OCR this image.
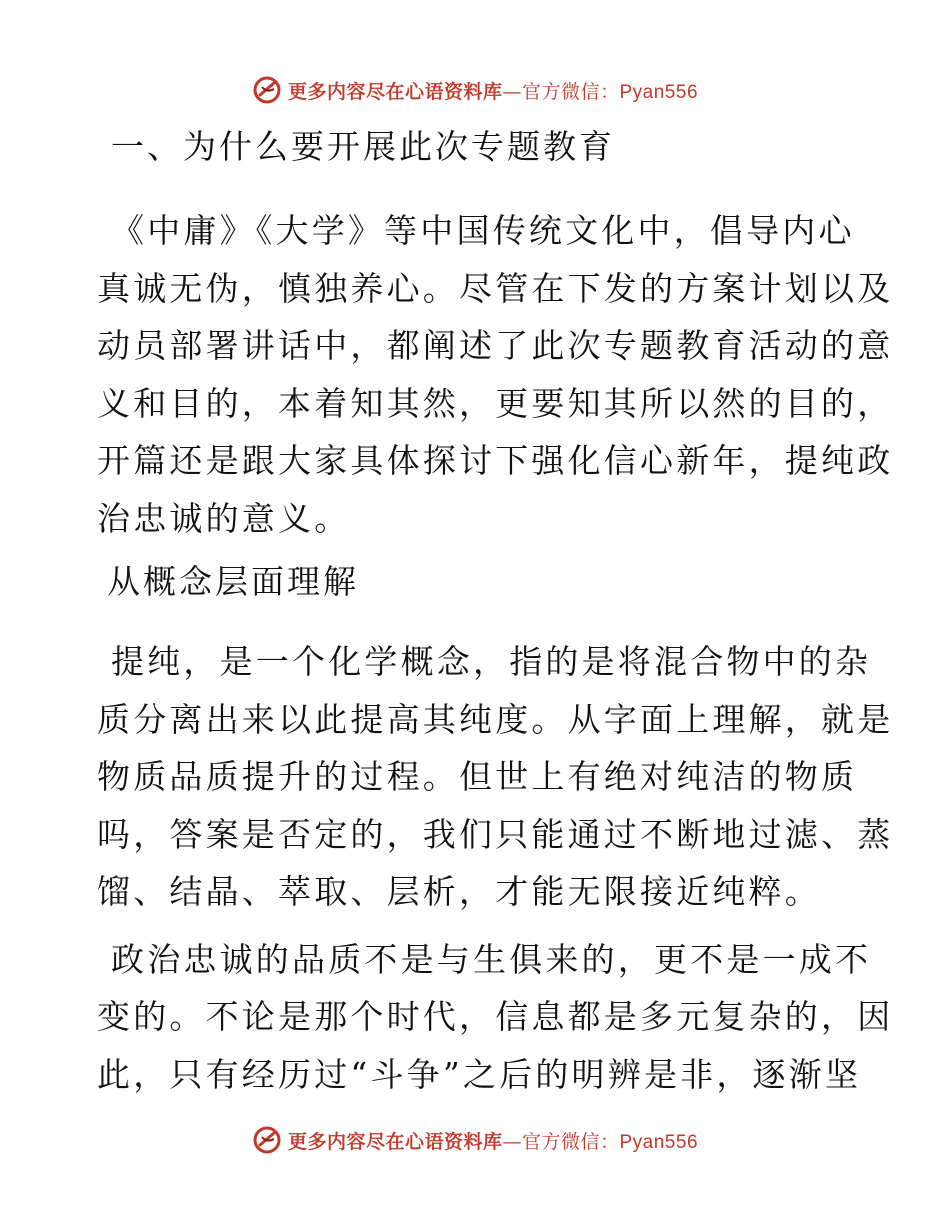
更多内容尽在心语资料库—官方微信：Pyan556
一、为什么要开展此次专题教育
《中庸》《大学》等中国传统文化中，倡导内心
真诚无伪，慎独养心。尽管在下发的方案计划以及
动员部署讲话中，都阐述了此次专题教育活动的意
义和目的，本着知其然，更要知其所以然的目的，
开篇还是跟大家具体探讨下强化信心新年，提纯政
治忠诚的意义。
从概念层面理解
提纯，是一个化学概念，指的是将混合物中的杂
质分离出来以此提高其纯度。从字面上理解，就是
物质品质提升的过程。但世上有绝对纯洁的物质
吗，答案是否定的，我们只能通过不断地过滤、蒸
馏、结晶、萃取、层析，才能无限接近纯粹。
政治忠诚的品质不是与生俱来的，更不是一成不
变的。不论是那个时代，信息都是多元复杂的，因
此，只有经历过“斗争”之后的明辨是非，逐渐坚
更多内容尽在心语资料库—官方微信：Pyan556
